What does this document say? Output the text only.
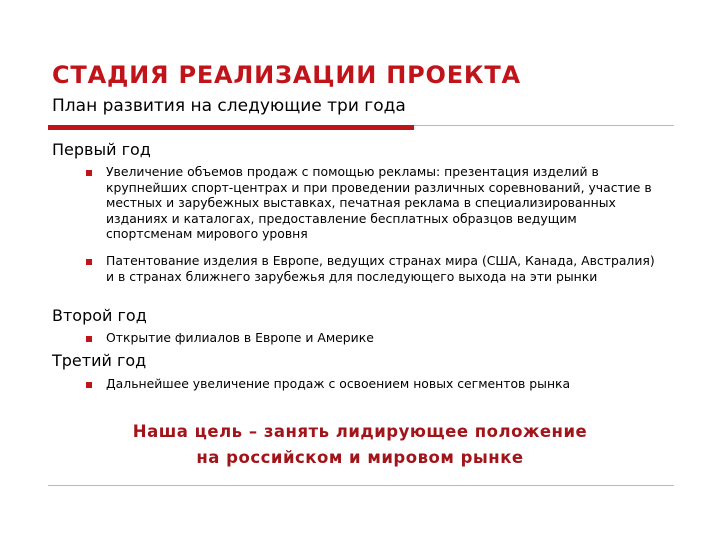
СТАДИЯ РЕАЛИЗАЦИИ ПРОЕКТА
План развития на следующие три года
Первый год
Увеличение объемов продаж с помощью рекламы: презентация изделий в крупнейших спорт-центрах и при проведении различных соревнований, участие в местных и зарубежных выставках, печатная реклама в специализированных изданиях и каталогах, предоставление бесплатных образцов ведущим спортсменам мирового уровня
Патентование изделия в Европе, ведущих странах мира (США, Канада, Австралия) и в странах ближнего зарубежья для последующего выхода на эти рынки
Второй год
Открытие филиалов в Европе и Америке
Третий год
Дальнейшее увеличение продаж с освоением новых сегментов рынка
Наша цель – занять лидирующее положение
на российском и мировом рынке
